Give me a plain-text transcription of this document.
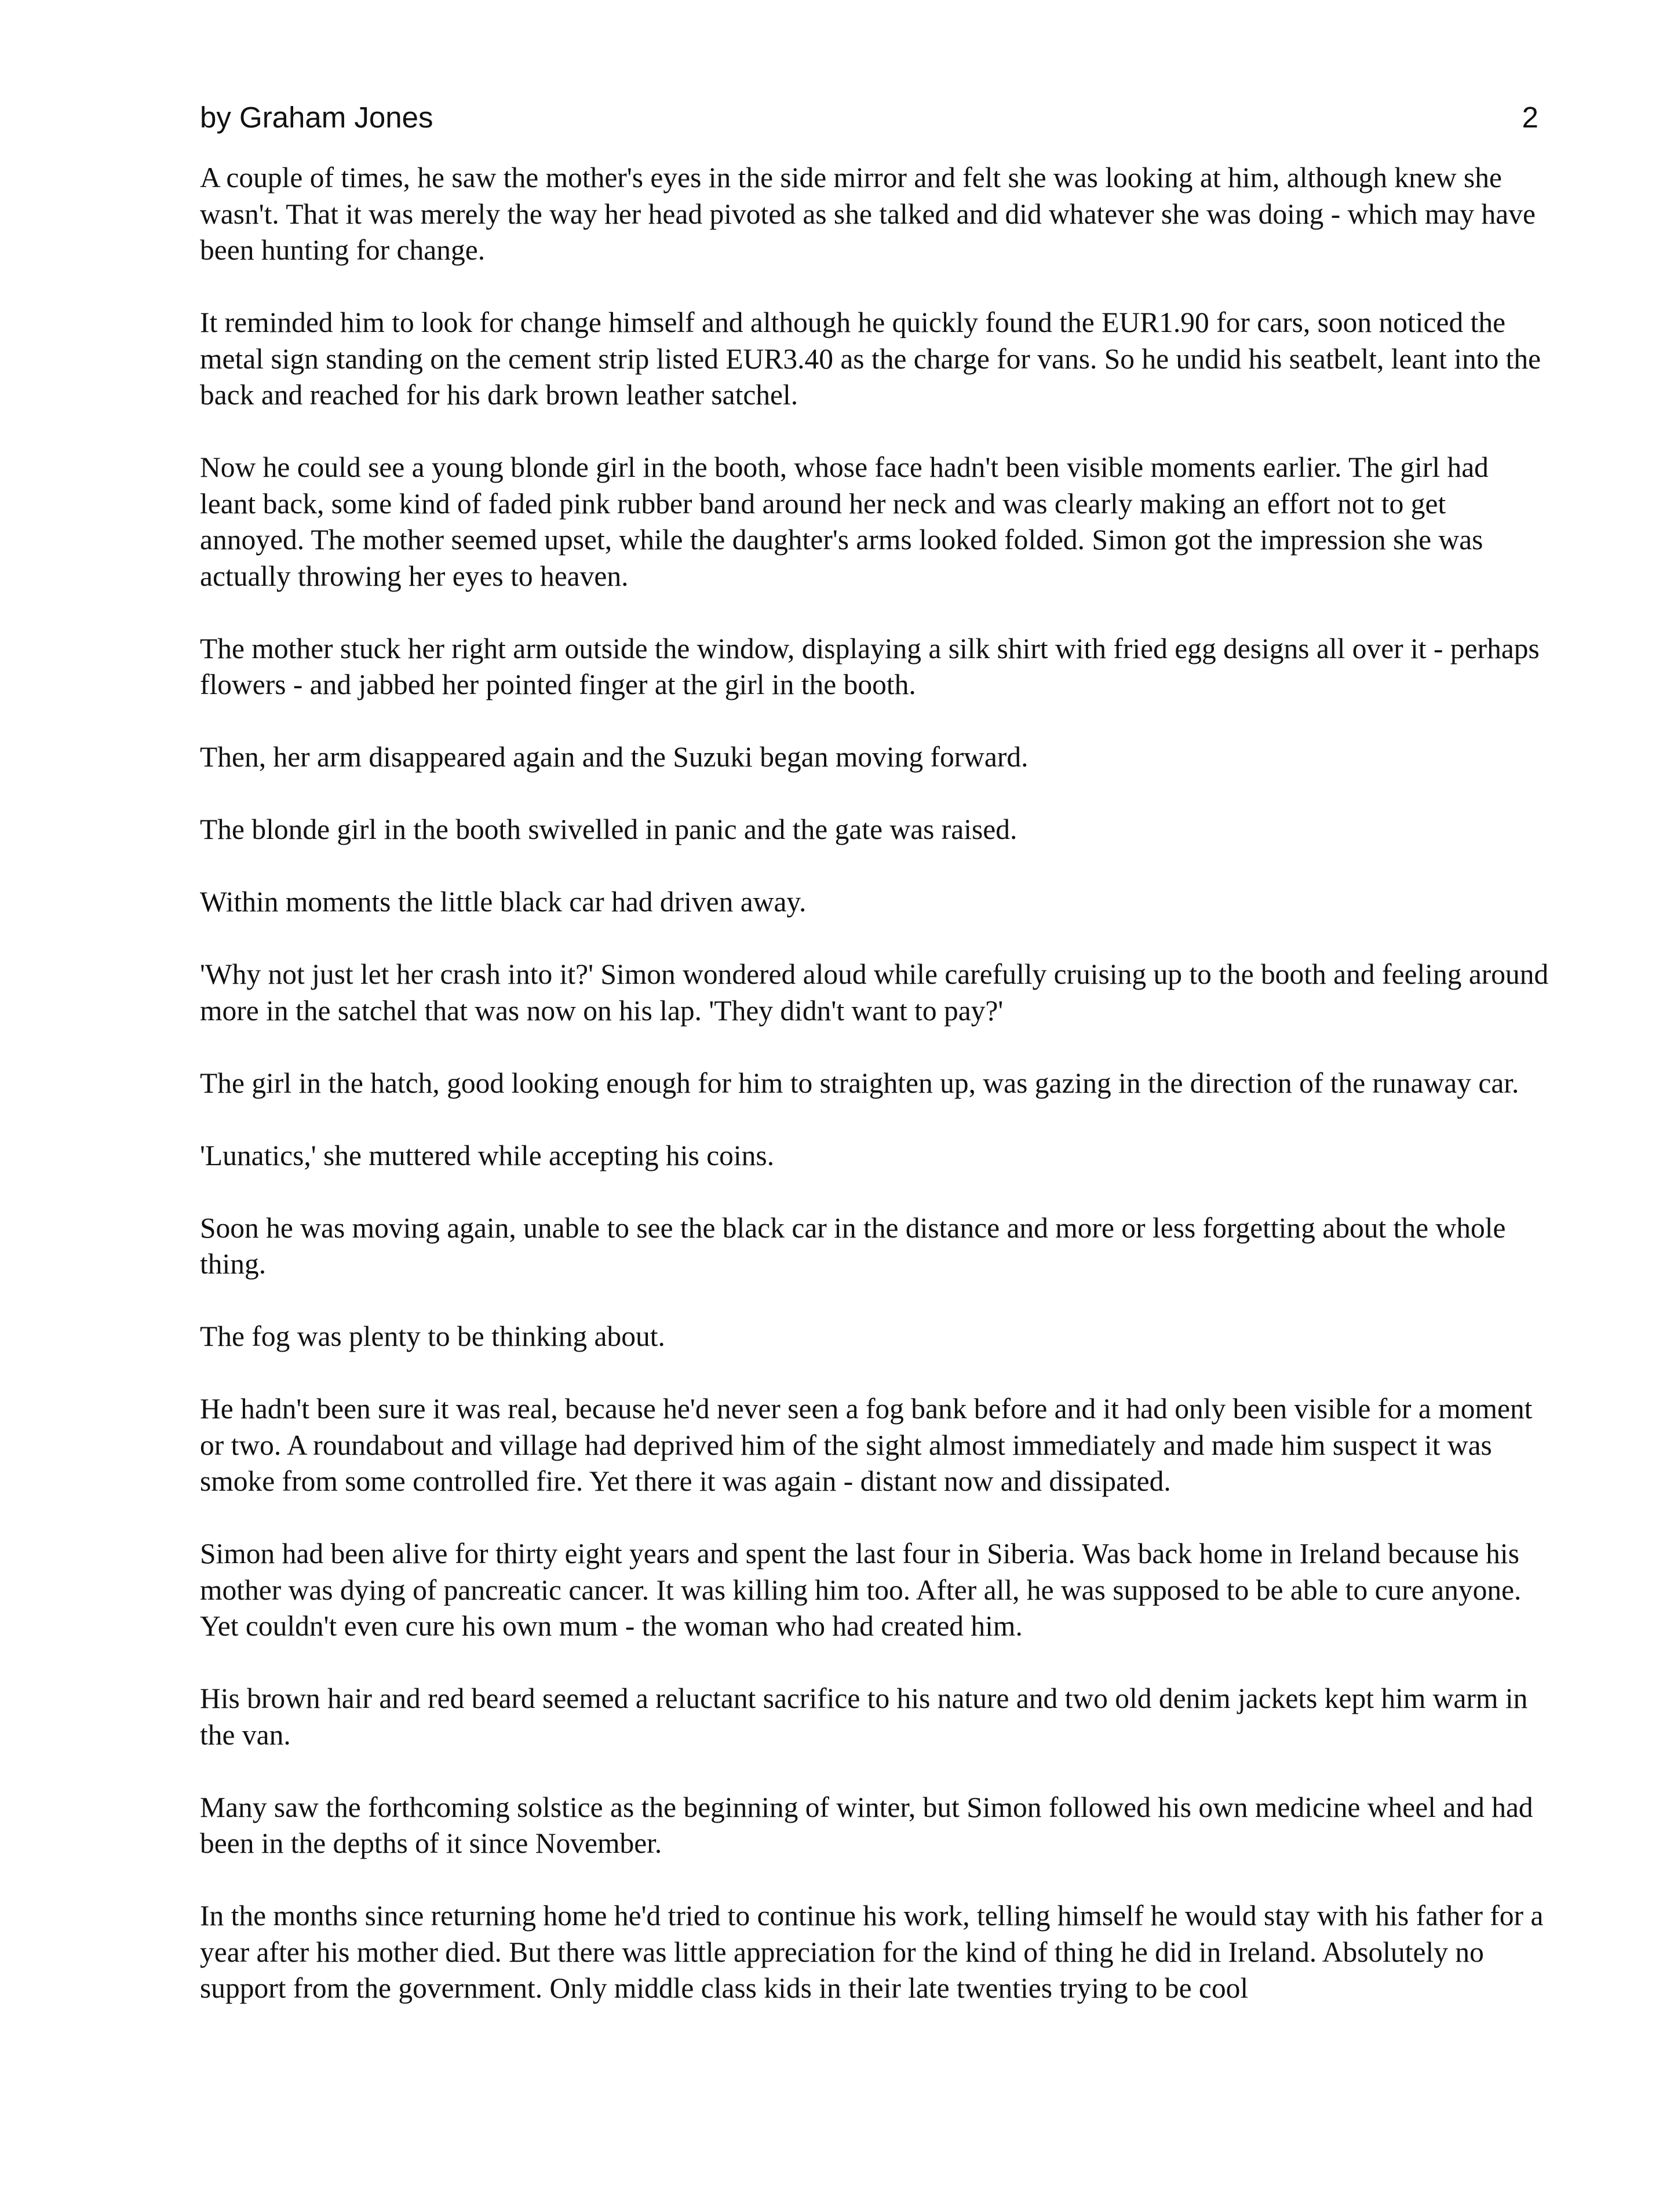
by Graham Jones	2

A couple of times, he saw the mother's eyes in the side mirror and felt she was looking at him, although knew she wasn't. That it was merely the way her head pivoted as she talked and did whatever she was doing - which may have been hunting for change.

It reminded him to look for change himself and although he quickly found the EUR1.90 for cars, soon noticed the metal sign standing on the cement strip listed EUR3.40 as the charge for vans. So he undid his seatbelt, leant into the back and reached for his dark brown leather satchel.

Now he could see a young blonde girl in the booth, whose face hadn't been visible moments earlier. The girl had leant back, some kind of faded pink rubber band around her neck and was clearly making an effort not to get annoyed. The mother seemed upset, while the daughter's arms looked folded. Simon got the impression she was actually throwing her eyes to heaven.

The mother stuck her right arm outside the window, displaying a silk shirt with fried egg designs all over it - perhaps flowers - and jabbed her pointed finger at the girl in the booth.

Then, her arm disappeared again and the Suzuki began moving forward.

The blonde girl in the booth swivelled in panic and the gate was raised.

Within moments the little black car had driven away.

'Why not just let her crash into it?' Simon wondered aloud while carefully cruising up to the booth and feeling around more in the satchel that was now on his lap. 'They didn't want to pay?'

The girl in the hatch, good looking enough for him to straighten up, was gazing in the direction of the runaway car.

'Lunatics,' she muttered while accepting his coins.

Soon he was moving again, unable to see the black car in the distance and more or less forgetting about the whole thing.

The fog was plenty to be thinking about.

He hadn't been sure it was real, because he'd never seen a fog bank before and it had only been visible for a moment or two. A roundabout and village had deprived him of the sight almost immediately and made him suspect it was smoke from some controlled fire. Yet there it was again - distant now and dissipated.

Simon had been alive for thirty eight years and spent the last four in Siberia. Was back home in Ireland because his mother was dying of pancreatic cancer. It was killing him too. After all, he was supposed to be able to cure anyone. Yet couldn't even cure his own mum - the woman who had created him.

His brown hair and red beard seemed a reluctant sacrifice to his nature and two old denim jackets kept him warm in the van.

Many saw the forthcoming solstice as the beginning of winter, but Simon followed his own medicine wheel and had been in the depths of it since November.

In the months since returning home he'd tried to continue his work, telling himself he would stay with his father for a year after his mother died. But there was little appreciation for the kind of thing he did in Ireland. Absolutely no support from the government. Only middle class kids in their late twenties trying to be cool
